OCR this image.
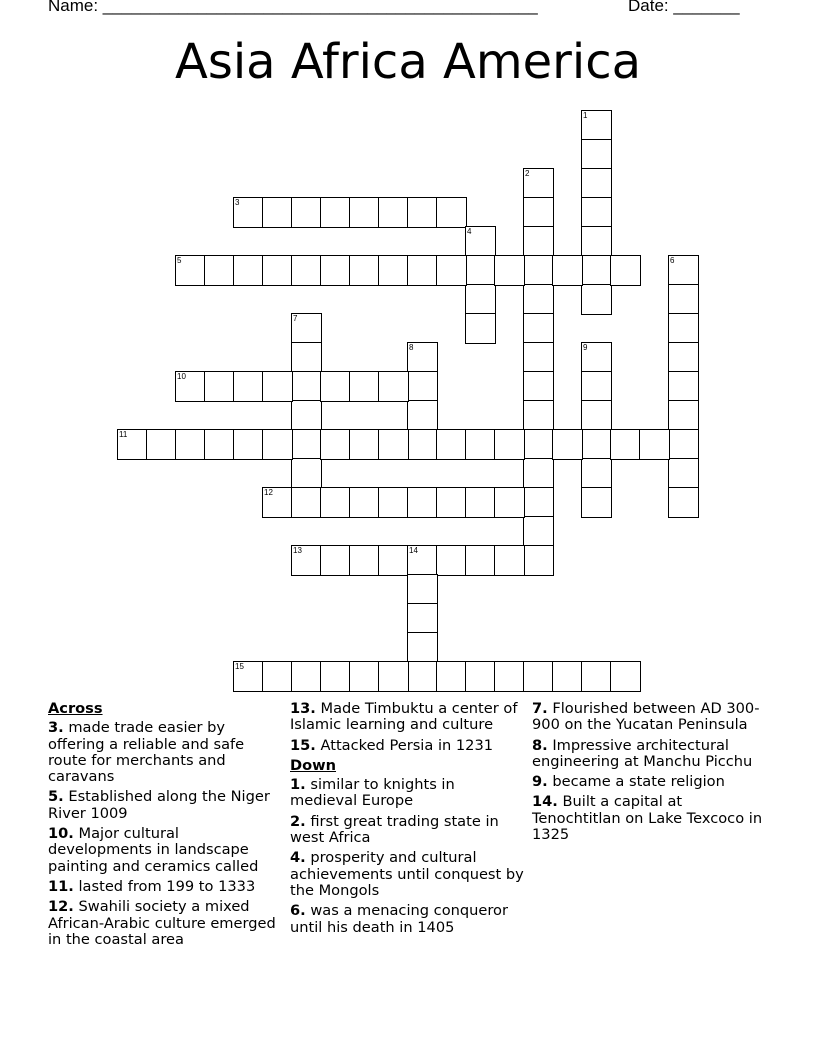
Name: ______________________________________________	Date: _______
Asia Africa America
1
2
3
4
5	6
7
8	9
10
11
12
13	14
15
Across
3. made trade easier by offering a reliable and safe route for merchants and caravans
5. Established along the Niger River 1009
10. Major cultural developments in landscape painting and ceramics called
11. lasted from 199 to 1333
12. Swahili society a mixed African-Arabic culture emerged in the coastal area
13. Made Timbuktu a center of Islamic learning and culture
15. Attacked Persia in 1231
Down
1. similar to knights in medieval Europe
2. first great trading state in west Africa
4. prosperity and cultural achievements until conquest by the Mongols
6. was a menacing conqueror until his death in 1405
7. Flourished between AD 300-900 on the Yucatan Peninsula
8. Impressive architectural engineering at Manchu Picchu
9. became a state religion
14. Built a capital at Tenochtitlan on Lake Texcoco in 1325
